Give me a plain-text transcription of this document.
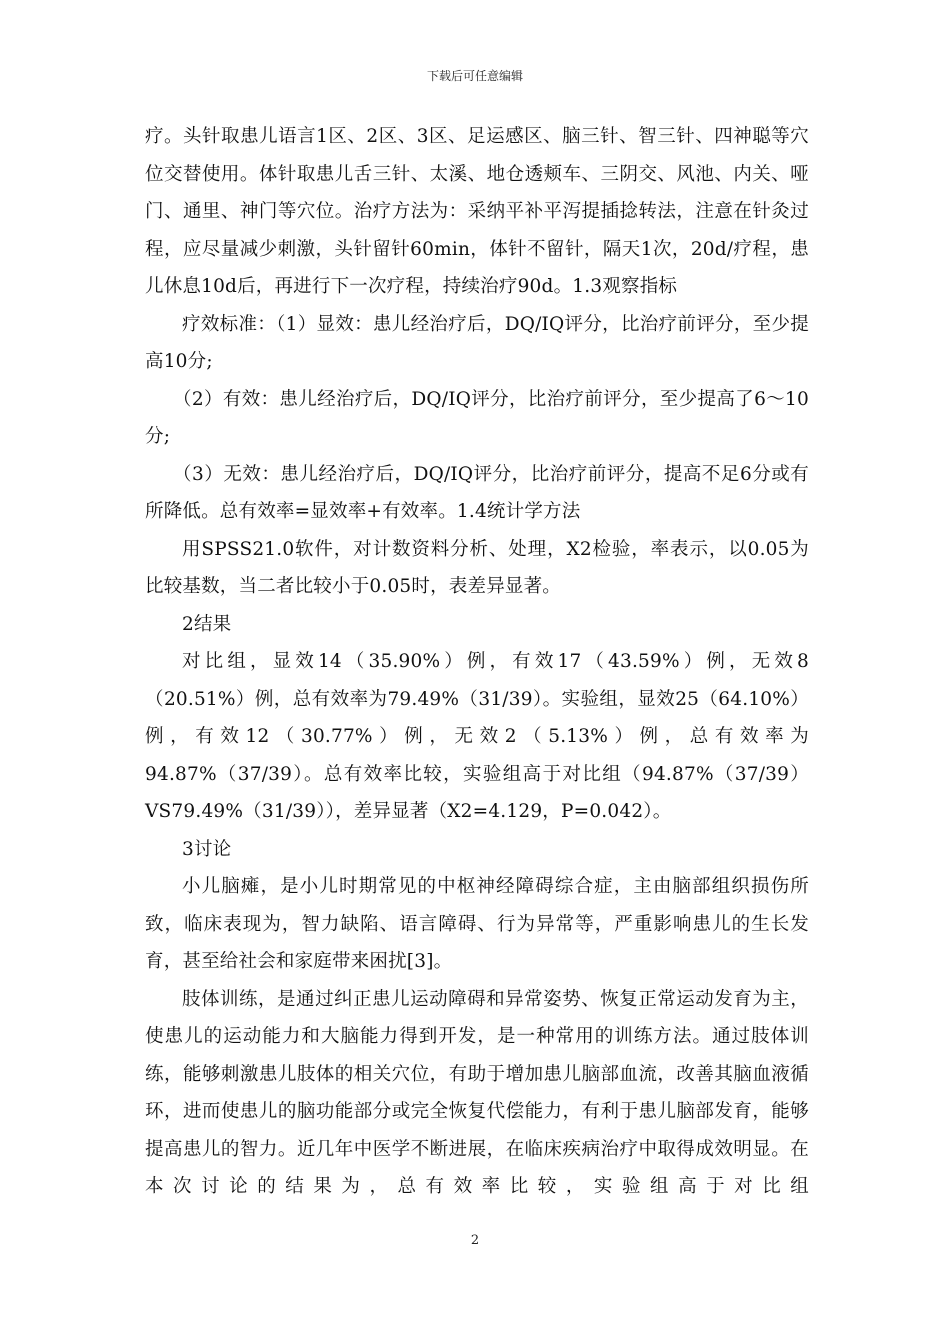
下载后可任意编辑

疗。头针取患儿语言1区、2区、3区、足运感区、脑三针、智三针、四神聪等穴位交替使用。体针取患儿舌三针、太溪、地仓透颊车、三阴交、风池、内关、哑门、通里、神门等穴位。治疗方法为：采纳平补平泻提插捻转法，注意在针灸过程，应尽量减少刺激，头针留针60min，体针不留针，隔天1次，20d/疗程，患儿休息10d后，再进行下一次疗程，持续治疗90d。1.3观察指标

疗效标准：（1）显效：患儿经治疗后，DQ/IQ评分，比治疗前评分，至少提高10分;

（2）有效：患儿经治疗后，DQ/IQ评分，比治疗前评分，至少提高了6～10分;

（3）无效：患儿经治疗后，DQ/IQ评分，比治疗前评分，提高不足6分或有所降低。总有效率=显效率+有效率。1.4统计学方法

用SPSS21.0软件，对计数资料分析、处理，X2检验，率表示，以0.05为比较基数，当二者比较小于0.05时，表差异显著。

2结果

对比组，显效14（35.90%）例，有效17（43.59%）例，无效8（20.51%）例，总有效率为79.49%（31/39）。实验组，显效25（64.10%）例，有效12（30.77%）例，无效2（5.13%）例，总有效率为94.87%（37/39）。总有效率比较，实验组高于对比组（94.87%（37/39）VS79.49%（31/39）），差异显著（X2=4.129，P=0.042）。

3讨论

小儿脑瘫，是小儿时期常见的中枢神经障碍综合症，主由脑部组织损伤所致，临床表现为，智力缺陷、语言障碍、行为异常等，严重影响患儿的生长发育，甚至给社会和家庭带来困扰[3]。

肢体训练，是通过纠正患儿运动障碍和异常姿势、恢复正常运动发育为主，使患儿的运动能力和大脑能力得到开发，是一种常用的训练方法。通过肢体训练，能够刺激患儿肢体的相关穴位，有助于增加患儿脑部血流，改善其脑血液循环，进而使患儿的脑功能部分或完全恢复代偿能力，有利于患儿脑部发育，能够提高患儿的智力。近几年中医学不断进展，在临床疾病治疗中取得成效明显。在本次讨论的结果为，总有效率比较，实验组高于对比组

2
